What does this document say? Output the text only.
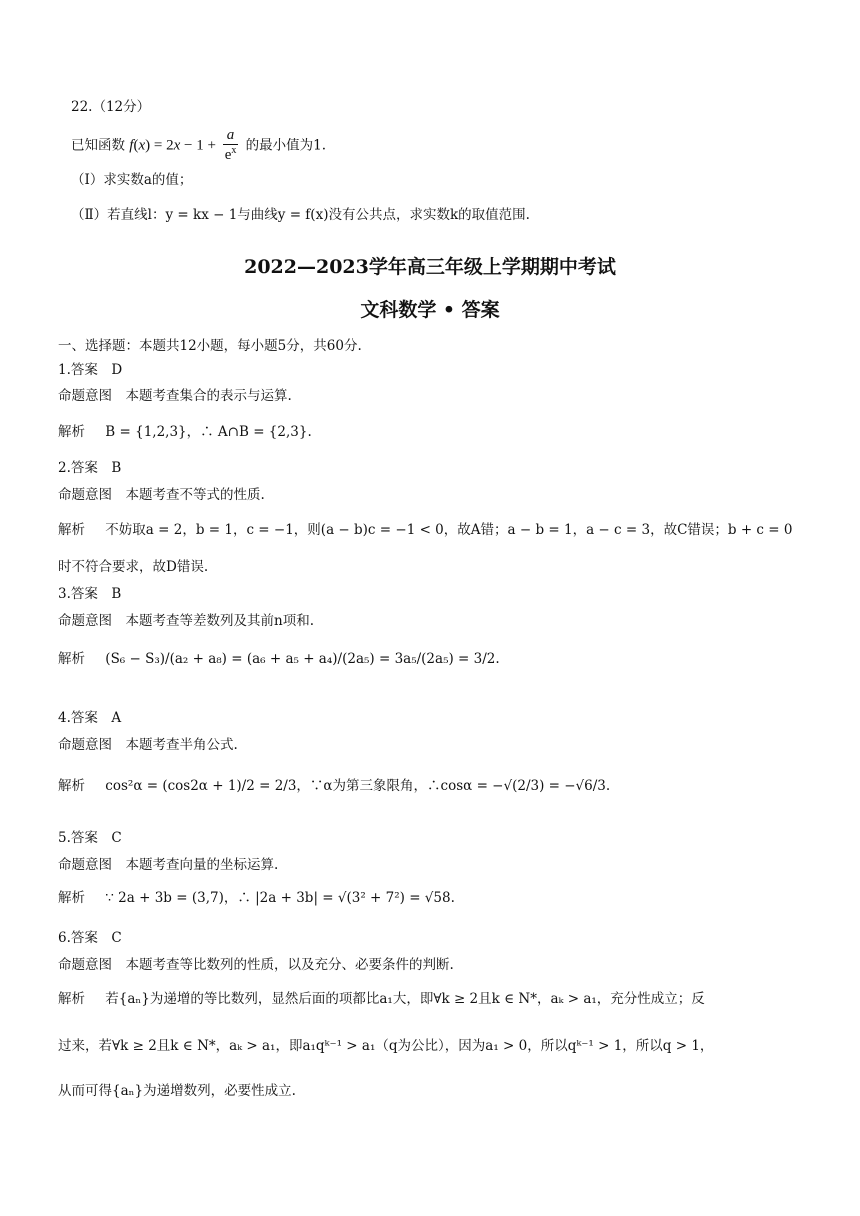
22.（12分）
已知函数 $f(x) = 2x - 1 + \frac{a}{e^x}$ 的最小值为1.
（Ⅰ）求实数a的值；
（Ⅱ）若直线l：y = kx − 1与曲线y = f(x)没有公共点，求实数k的取值范围.
2022—2023学年高三年级上学期期中考试
文科数学 • 答案
一、选择题：本题共12小题，每小题5分，共60分.
1.答案　D
命题意图　本题考查集合的表示与运算.
解析 B = {1,2,3}，∴ A∩B = {2,3}.
2.答案　B
命题意图　本题考查不等式的性质.
解析 不妨取a = 2，b = 1，c = −1，则(a − b)c = −1 < 0，故A错；a − b = 1，a − c = 3，故C错误；b + c = 0
时不符合要求，故D错误.
3.答案　B
命题意图　本题考查等差数列及其前n项和.
解析 (S₆ − S₃)/(a₂ + a₈) = (a₆ + a₅ + a₄)/(2a₅) = 3a₅/(2a₅) = 3/2.
4.答案　A
命题意图　本题考查半角公式.
解析 cos²α = (cos2α + 1)/2 = 2/3，∵α为第三象限角，∴cosα = −√(2/3) = −√6/3.
5.答案　C
命题意图　本题考查向量的坐标运算.
解析 ∵ 2a + 3b = (3,7)，∴ |2a + 3b| = √(3² + 7²) = √58.
6.答案　C
命题意图　本题考查等比数列的性质，以及充分、必要条件的判断.
解析 若{aₙ}为递增的等比数列，显然后面的项都比a₁大，即∀k ≥ 2且k ∈ N*，aₖ > a₁，充分性成立；反
过来，若∀k ≥ 2且k ∈ N*，aₖ > a₁，即a₁qᵏ⁻¹ > a₁（q为公比），因为a₁ > 0，所以qᵏ⁻¹ > 1，所以q > 1，
从而可得{aₙ}为递增数列，必要性成立.
